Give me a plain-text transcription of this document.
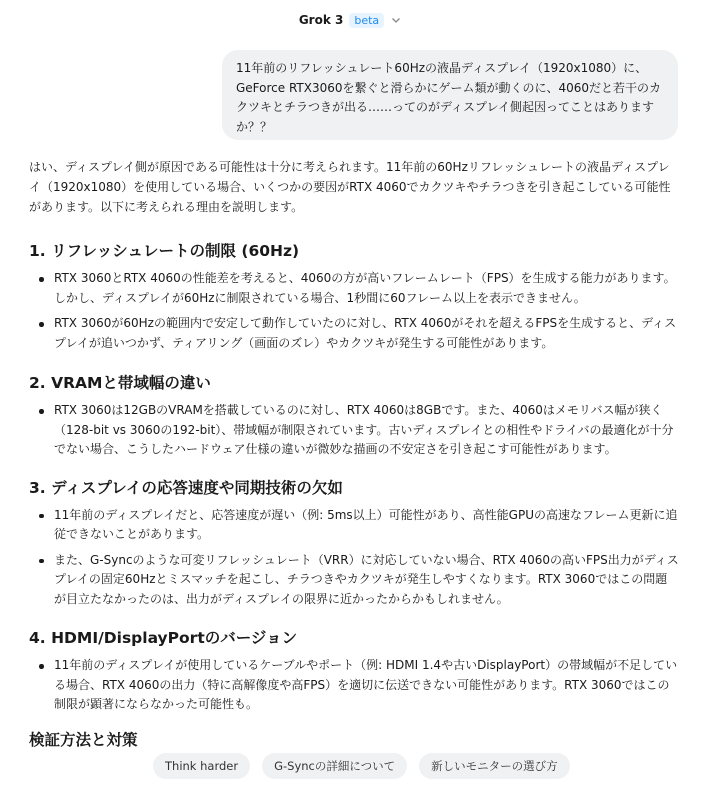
Grok 3	beta
11年前のリフレッシュレート60Hzの液晶ディスプレイ（1920x1080）に、GeForce RTX3060を繋ぐと滑らかにゲーム類が動くのに、4060だと若干のカクツキとチラつきが出る……ってのがディスプレイ側起因ってことはありますか？？

はい、ディスプレイ側が原因である可能性は十分に考えられます。11年前の60Hzリフレッシュレートの液晶ディスプレイ（1920x1080）を使用している場合、いくつかの要因がRTX 4060でカクツキやチラつきを引き起こしている可能性があります。以下に考えられる理由を説明します。

1. リフレッシュレートの制限 (60Hz)
RTX 3060とRTX 4060の性能差を考えると、4060の方が高いフレームレート（FPS）を生成する能力があります。しかし、ディスプレイが60Hzに制限されている場合、1秒間に60フレーム以上を表示できません。
RTX 3060が60Hzの範囲内で安定して動作していたのに対し、RTX 4060がそれを超えるFPSを生成すると、ディスプレイが追いつかず、ティアリング（画面のズレ）やカクツキが発生する可能性があります。
2. VRAMと帯域幅の違い
RTX 3060は12GBのVRAMを搭載しているのに対し、RTX 4060は8GBです。また、4060はメモリバス幅が狭く（128-bit vs 3060の192-bit）、帯域幅が制限されています。古いディスプレイとの相性やドライバの最適化が十分でない場合、こうしたハードウェア仕様の違いが微妙な描画の不安定さを引き起こす可能性があります。
3. ディスプレイの応答速度や同期技術の欠如
11年前のディスプレイだと、応答速度が遅い（例: 5ms以上）可能性があり、高性能GPUの高速なフレーム更新に追従できないことがあります。
また、G-Syncのような可変リフレッシュレート（VRR）に対応していない場合、RTX 4060の高いFPS出力がディスプレイの固定60Hzとミスマッチを起こし、チラつきやカクツキが発生しやすくなります。RTX 3060ではこの問題が目立たなかったのは、出力がディスプレイの限界に近かったからかもしれません。
4. HDMI/DisplayPortのバージョン
11年前のディスプレイが使用しているケーブルやポート（例: HDMI 1.4や古いDisplayPort）の帯域幅が不足している場合、RTX 4060の出力（特に高解像度や高FPS）を適切に伝送できない可能性があります。RTX 3060ではこの制限が顕著にならなかった可能性も。
検証方法と対策
Think harder	G-Syncの詳細について	新しいモニターの選び方
